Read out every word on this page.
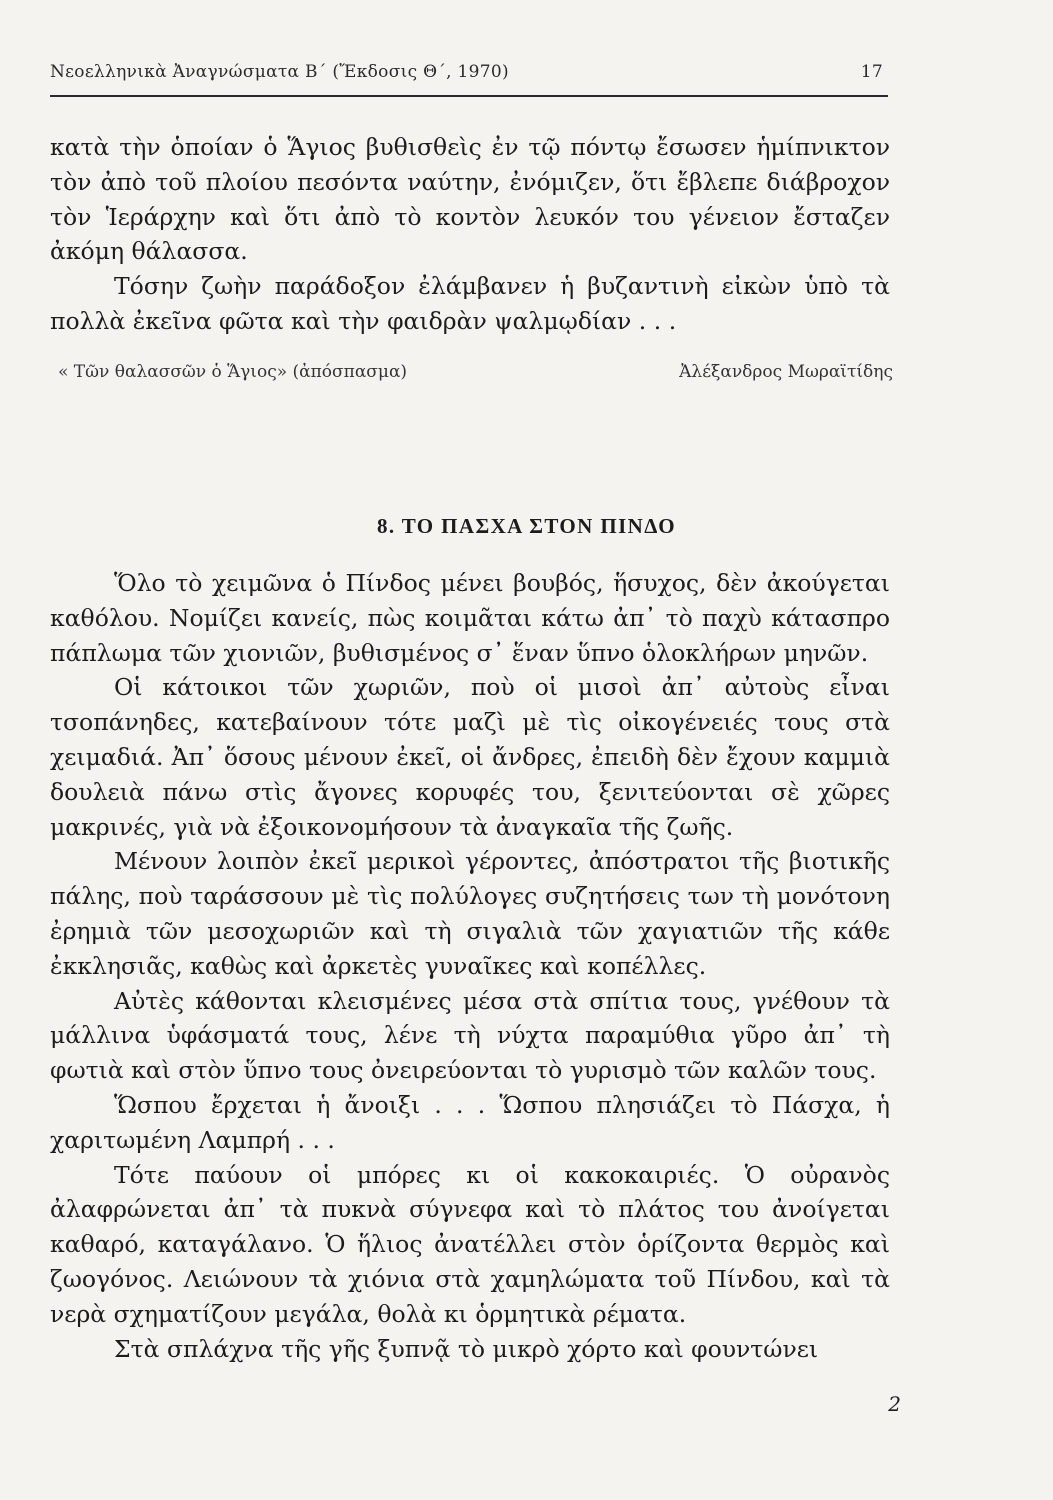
Νεοελληνικὰ Ἀναγνώσματα Β΄ (Ἔκδοσις Θ΄, 1970)	17

κατὰ τὴν ὁποίαν ὁ Ἅγιος βυθισθεὶς ἐν τῷ πόντῳ ἔσωσεν ἡμίπνικτον τὸν ἀπὸ τοῦ πλοίου πεσόντα ναύτην, ἐνόμιζεν, ὅτι ἔβλεπε διάβροχον τὸν Ἱεράρχην καὶ ὅτι ἀπὸ τὸ κοντὸν λευκόν του γένειον ἔσταζεν ἀκόμη θάλασσα.

Τόσην ζωὴν παράδοξον ἐλάμβανεν ἡ βυζαντινὴ εἰκὼν ὑπὸ τὰ πολλὰ ἐκεῖνα φῶτα καὶ τὴν φαιδρὰν ψαλμῳδίαν . . .

« Τῶν θαλασσῶν ὁ Ἅγιος» (ἀπόσπασμα)	Ἀλέξανδρος Μωραϊτίδης
8. ΤΟ ΠΑΣΧΑ ΣΤΟΝ ΠΙΝΔΟ

Ὅλο τὸ χειμῶνα ὁ Πίνδος μένει βουβός, ἥσυχος, δὲν ἀκούγεται καθόλου. Νομίζει κανείς, πὼς κοιμᾶται κάτω ἀπ᾽ τὸ παχὺ κάτασπρο πάπλωμα τῶν χιονιῶν, βυθισμένος σ᾽ ἕναν ὕπνο ὁλοκλήρων μηνῶν.

Οἱ κάτοικοι τῶν χωριῶν, ποὺ οἱ μισοὶ ἀπ᾽ αὐτοὺς εἶναι τσοπάνηδες, κατεβαίνουν τότε μαζὶ μὲ τὶς οἰκογένειές τους στὰ χειμαδιά. Ἀπ᾽ ὅσους μένουν ἐκεῖ, οἱ ἄνδρες, ἐπειδὴ δὲν ἔχουν καμμιὰ δουλειὰ πάνω στὶς ἄγονες κορυφές του, ξενιτεύονται σὲ χῶρες μακρινές, γιὰ νὰ ἐξοικονομήσουν τὰ ἀναγκαῖα τῆς ζωῆς.

Μένουν λοιπὸν ἐκεῖ μερικοὶ γέροντες, ἀπόστρατοι τῆς βιοτικῆς πάλης, ποὺ ταράσσουν μὲ τὶς πολύλογες συζητήσεις των τὴ μονότονη ἐρημιὰ τῶν μεσοχωριῶν καὶ τὴ σιγαλιὰ τῶν χαγιατιῶν τῆς κάθε ἐκκλησιᾶς, καθὼς καὶ ἀρκετὲς γυναῖκες καὶ κοπέλλες.

Αὐτὲς κάθονται κλεισμένες μέσα στὰ σπίτια τους, γνέθουν τὰ μάλλινα ὑφάσματά τους, λένε τὴ νύχτα παραμύθια γῦρο ἀπ᾽ τὴ φωτιὰ καὶ στὸν ὕπνο τους ὀνειρεύονται τὸ γυρισμὸ τῶν καλῶν τους.

Ὥσπου ἔρχεται ἡ ἄνοιξι . . . Ὥσπου πλησιάζει τὸ Πάσχα, ἡ χαριτωμένη Λαμπρή . . .

Τότε παύουν οἱ μπόρες κι οἱ κακοκαιριές. Ὁ οὐρανὸς ἀλαφρώνεται ἀπ᾽ τὰ πυκνὰ σύγνεφα καὶ τὸ πλάτος του ἀνοίγεται καθαρό, καταγάλανο. Ὁ ἥλιος ἀνατέλλει στὸν ὁρίζοντα θερμὸς καὶ ζωογόνος. Λειώνουν τὰ χιόνια στὰ χαμηλώματα τοῦ Πίνδου, καὶ τὰ νερὰ σχηματίζουν μεγάλα, θολὰ κι ὁρμητικὰ ρέματα.

Στὰ σπλάχνα τῆς γῆς ξυπνᾷ τὸ μικρὸ χόρτο καὶ φουντώνει

2
